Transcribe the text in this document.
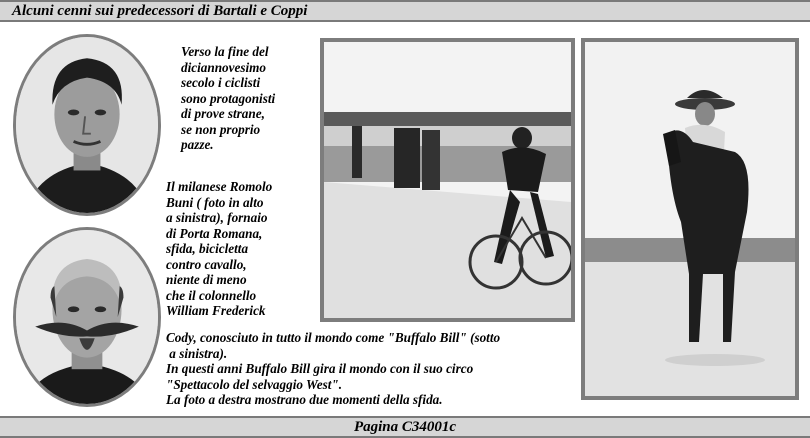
Alcuni cenni sui predecessori di Bartali e Coppi
Verso la fine del
diciannovesimo
secolo i ciclisti
sono protagonisti
di prove strane,
se non proprio
pazze.
Il milanese Romolo
Buni ( foto in alto
a sinistra), fornaio
di Porta Romana,
sfida, bicicletta
contro cavallo,
niente di meno
che il colonnello
William Frederick
Cody, conosciuto in tutto il mondo come "Buffalo Bill" (sotto
a sinistra).
In questi anni Buffalo Bill gira il mondo con il suo circo
"Spettacolo del selvaggio West".
La foto a destra mostrano due momenti della sfida.
Pagina C34001c
